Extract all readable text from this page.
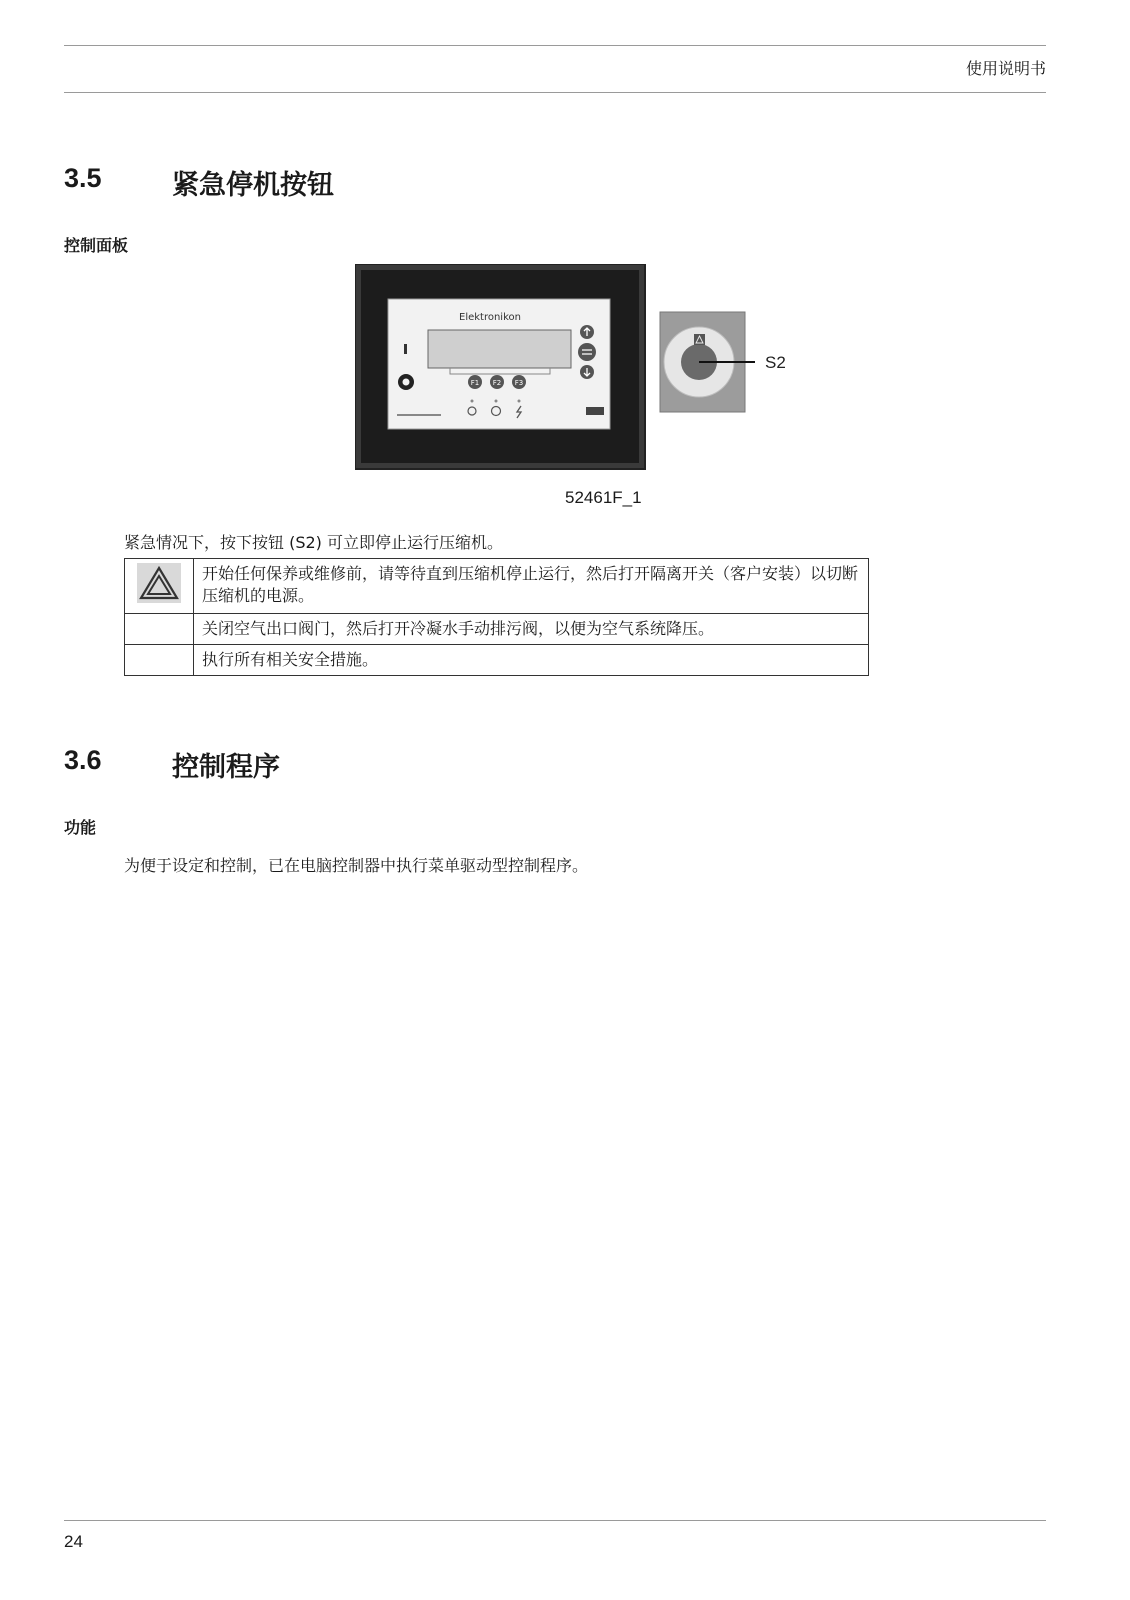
使用说明书
3.5	紧急停机按钮
控制面板
Elektronikon
F1 F2 F3
S2
52461F_1
紧急情况下，按下按钮 (S2) 可立即停止运行压缩机。
	开始任何保养或维修前，请等待直到压缩机停止运行，然后打开隔离开关（客户安装）以切断压缩机的电源。
	关闭空气出口阀门，然后打开冷凝水手动排污阀，以便为空气系统降压。
	执行所有相关安全措施。
3.6	控制程序
功能
为便于设定和控制，已在电脑控制器中执行菜单驱动型控制程序。
24
